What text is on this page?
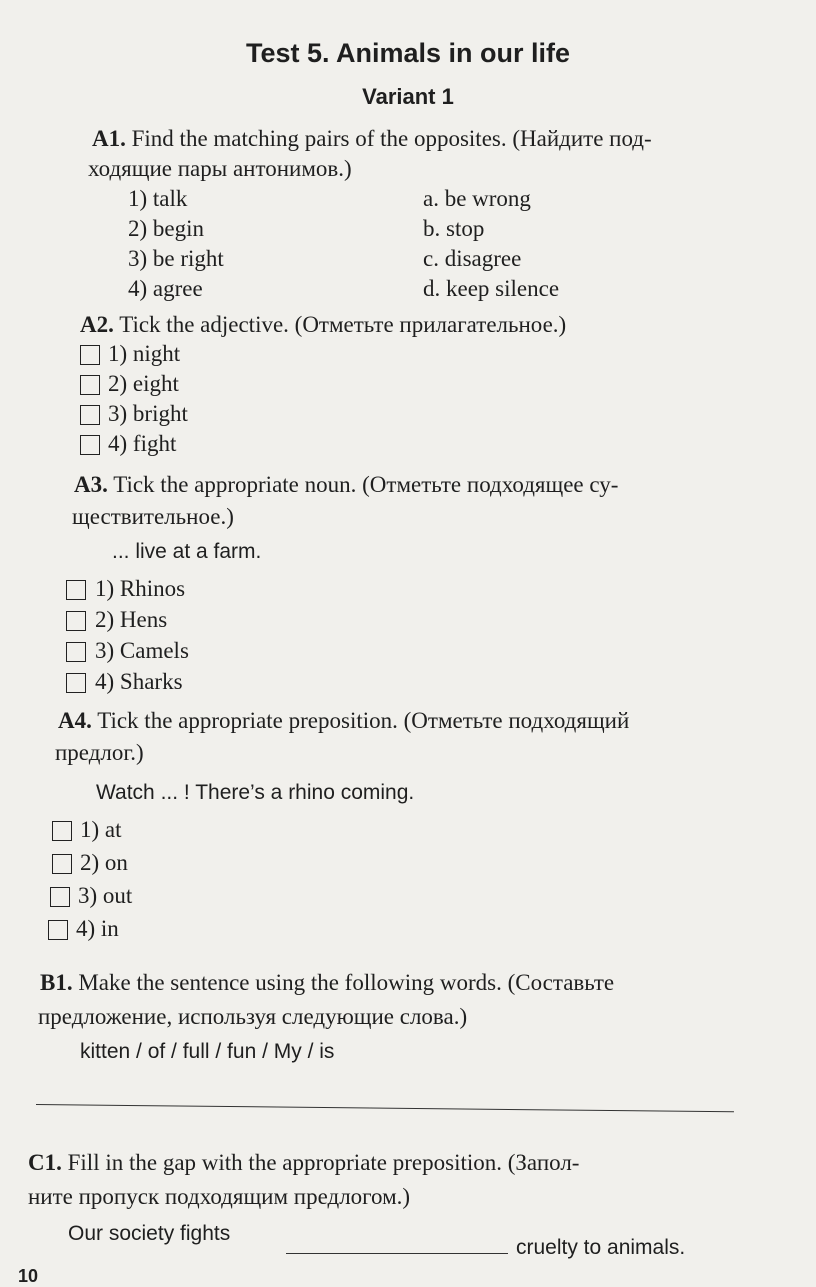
Test 5. Animals in our life
Variant 1
A1. Find the matching pairs of the opposites. (Найдите под-
ходящие пары антонимов.)
1) talk
2) begin
3) be right
4) agree
a. be wrong
b. stop
c. disagree
d. keep silence
A2. Tick the adjective. (Отметьте прилагательное.)
1) night
2) eight
3) bright
4) fight
A3. Tick the appropriate noun. (Отметьте подходящее су-
ществительное.)
... live at a farm.
1) Rhinos
2) Hens
3) Camels
4) Sharks
A4. Tick the appropriate preposition. (Отметьте подходящий
предлог.)
Watch ... ! There’s a rhino coming.
1) at
2) on
3) out
4) in
B1. Make the sentence using the following words. (Составьте
предложение, используя следующие слова.)
kitten / of / full / fun / My / is
C1. Fill in the gap with the appropriate preposition. (Запол-
ните пропуск подходящим предлогом.)
Our society fights
cruelty to animals.
10
